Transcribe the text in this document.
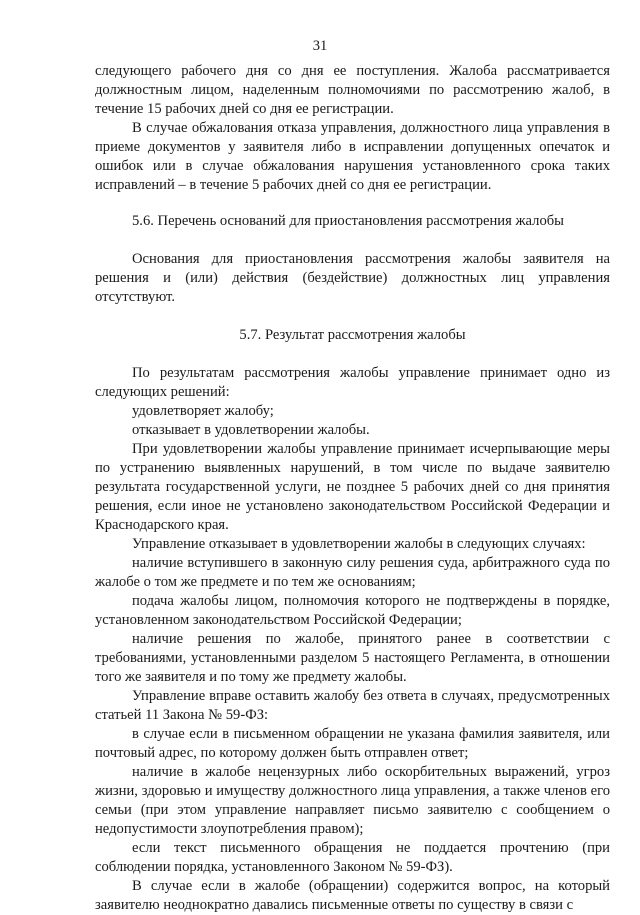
31

следующего рабочего дня со дня ее поступления. Жалоба рассматривается должностным лицом, наделенным полномочиями по рассмотрению жалоб, в течение 15 рабочих дней со дня ее регистрации.

В случае обжалования отказа управления, должностного лица управления в приеме документов у заявителя либо в исправлении допущенных опечаток и ошибок или в случае обжалования нарушения установленного срока таких исправлений – в течение 5 рабочих дней со дня ее регистрации.

5.6. Перечень оснований для приостановления рассмотрения жалобы

Основания для приостановления рассмотрения жалобы заявителя на решения и (или) действия (бездействие) должностных лиц управления отсутствуют.

5.7. Результат рассмотрения жалобы

По результатам рассмотрения жалобы управление принимает одно из следующих решений:

удовлетворяет жалобу;

отказывает в удовлетворении жалобы.

При удовлетворении жалобы управление принимает исчерпывающие меры по устранению выявленных нарушений, в том числе по выдаче заявителю результата государственной услуги, не позднее 5 рабочих дней со дня принятия решения, если иное не установлено законодательством Российской Федерации и Краснодарского края.

Управление отказывает в удовлетворении жалобы в следующих случаях:

наличие вступившего в законную силу решения суда, арбитражного суда по жалобе о том же предмете и по тем же основаниям;

подача жалобы лицом, полномочия которого не подтверждены в порядке, установленном законодательством Российской Федерации;

наличие решения по жалобе, принятого ранее в соответствии с требованиями, установленными разделом 5 настоящего Регламента, в отношении того же заявителя и по тому же предмету жалобы.

Управление вправе оставить жалобу без ответа в случаях, предусмотренных статьей 11 Закона № 59-ФЗ:

в случае если в письменном обращении не указана фамилия заявителя, или почтовый адрес, по которому должен быть отправлен ответ;

наличие в жалобе нецензурных либо оскорбительных выражений, угроз жизни, здоровью и имуществу должностного лица управления, а также членов его семьи (при этом управление направляет письмо заявителю с сообщением о недопустимости злоупотребления правом);

если текст письменного обращения не поддается прочтению (при соблюдении порядка, установленного Законом № 59-ФЗ).

В случае если в жалобе (обращении) содержится вопрос, на который заявителю неоднократно давались письменные ответы по существу в связи с
